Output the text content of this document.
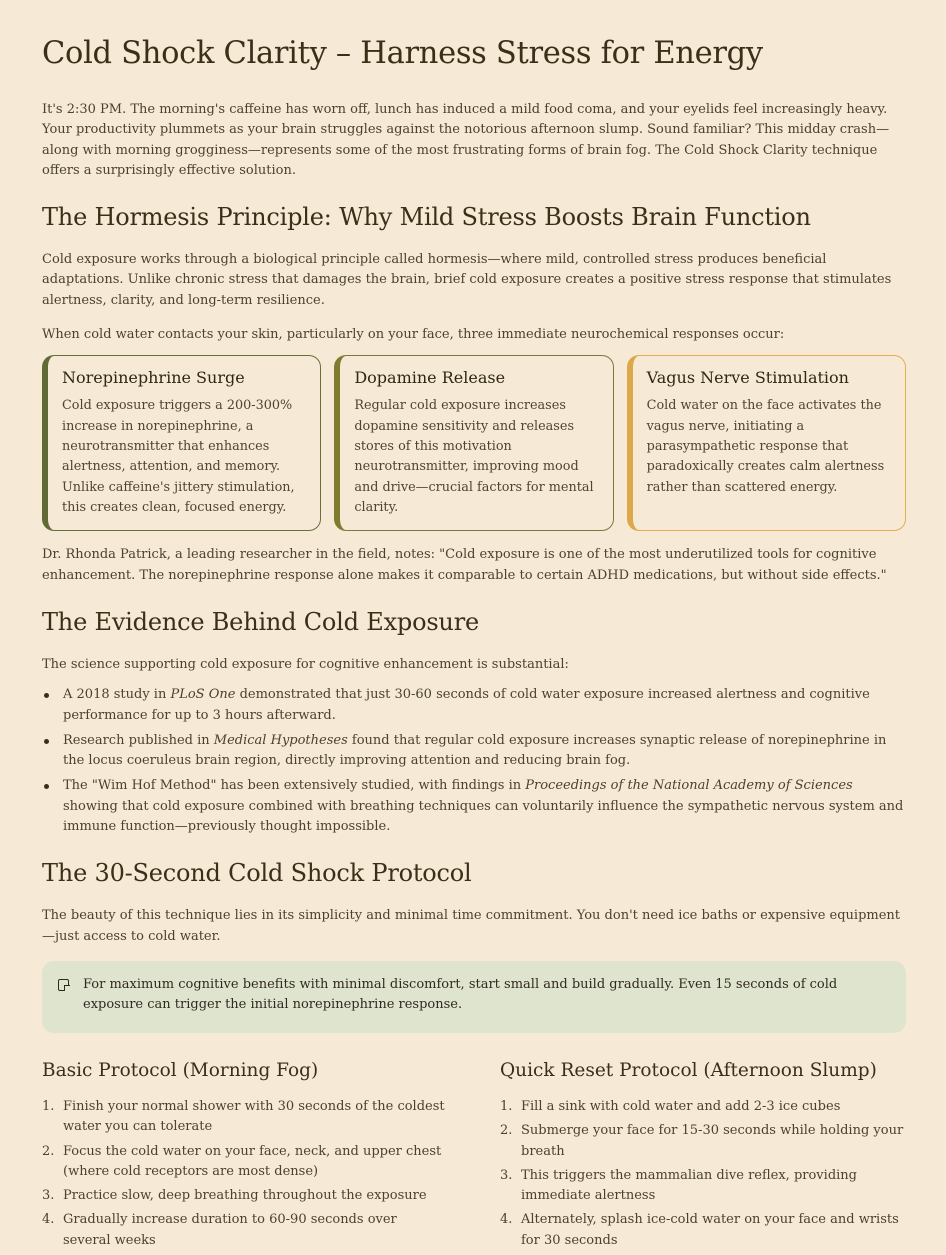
Cold Shock Clarity – Harness Stress for Energy

It's 2:30 PM. The morning's caffeine has worn off, lunch has induced a mild food coma, and your eyelids feel increasingly heavy. Your productivity plummets as your brain struggles against the notorious afternoon slump. Sound familiar? This midday crash—along with morning grogginess—represents some of the most frustrating forms of brain fog. The Cold Shock Clarity technique offers a surprisingly effective solution.

The Hormesis Principle: Why Mild Stress Boosts Brain Function

Cold exposure works through a biological principle called hormesis—where mild, controlled stress produces beneficial adaptations. Unlike chronic stress that damages the brain, brief cold exposure creates a positive stress response that stimulates alertness, clarity, and long-term resilience.

When cold water contacts your skin, particularly on your face, three immediate neurochemical responses occur:

Norepinephrine Surge

Cold exposure triggers a 200-300% increase in norepinephrine, a neurotransmitter that enhances alertness, attention, and memory. Unlike caffeine's jittery stimulation, this creates clean, focused energy.

Dopamine Release

Regular cold exposure increases dopamine sensitivity and releases stores of this motivation neurotransmitter, improving mood and drive—crucial factors for mental clarity.

Vagus Nerve Stimulation

Cold water on the face activates the vagus nerve, initiating a parasympathetic response that paradoxically creates calm alertness rather than scattered energy.

Dr. Rhonda Patrick, a leading researcher in the field, notes: "Cold exposure is one of the most underutilized tools for cognitive enhancement. The norepinephrine response alone makes it comparable to certain ADHD medications, but without side effects."

The Evidence Behind Cold Exposure

The science supporting cold exposure for cognitive enhancement is substantial:

A 2018 study in PLoS One demonstrated that just 30-60 seconds of cold water exposure increased alertness and cognitive performance for up to 3 hours afterward.
Research published in Medical Hypotheses found that regular cold exposure increases synaptic release of norepinephrine in the locus coeruleus brain region, directly improving attention and reducing brain fog.
The "Wim Hof Method" has been extensively studied, with findings in Proceedings of the National Academy of Sciences showing that cold exposure combined with breathing techniques can voluntarily influence the sympathetic nervous system and immune function—previously thought impossible.
The 30-Second Cold Shock Protocol

The beauty of this technique lies in its simplicity and minimal time commitment. You don't need ice baths or expensive equipment—just access to cold water.

For maximum cognitive benefits with minimal discomfort, start small and build gradually. Even 15 seconds of cold exposure can trigger the initial norepinephrine response.

Basic Protocol (Morning Fog)
1. Finish your normal shower with 30 seconds of the coldest water you can tolerate
2. Focus the cold water on your face, neck, and upper chest (where cold receptors are most dense)
3. Practice slow, deep breathing throughout the exposure
4. Gradually increase duration to 60-90 seconds over several weeks
Quick Reset Protocol (Afternoon Slump)
1. Fill a sink with cold water and add 2-3 ice cubes
2. Submerge your face for 15-30 seconds while holding your breath
3. This triggers the mammalian dive reflex, providing immediate alertness
4. Alternately, splash ice-cold water on your face and wrists for 30 seconds
